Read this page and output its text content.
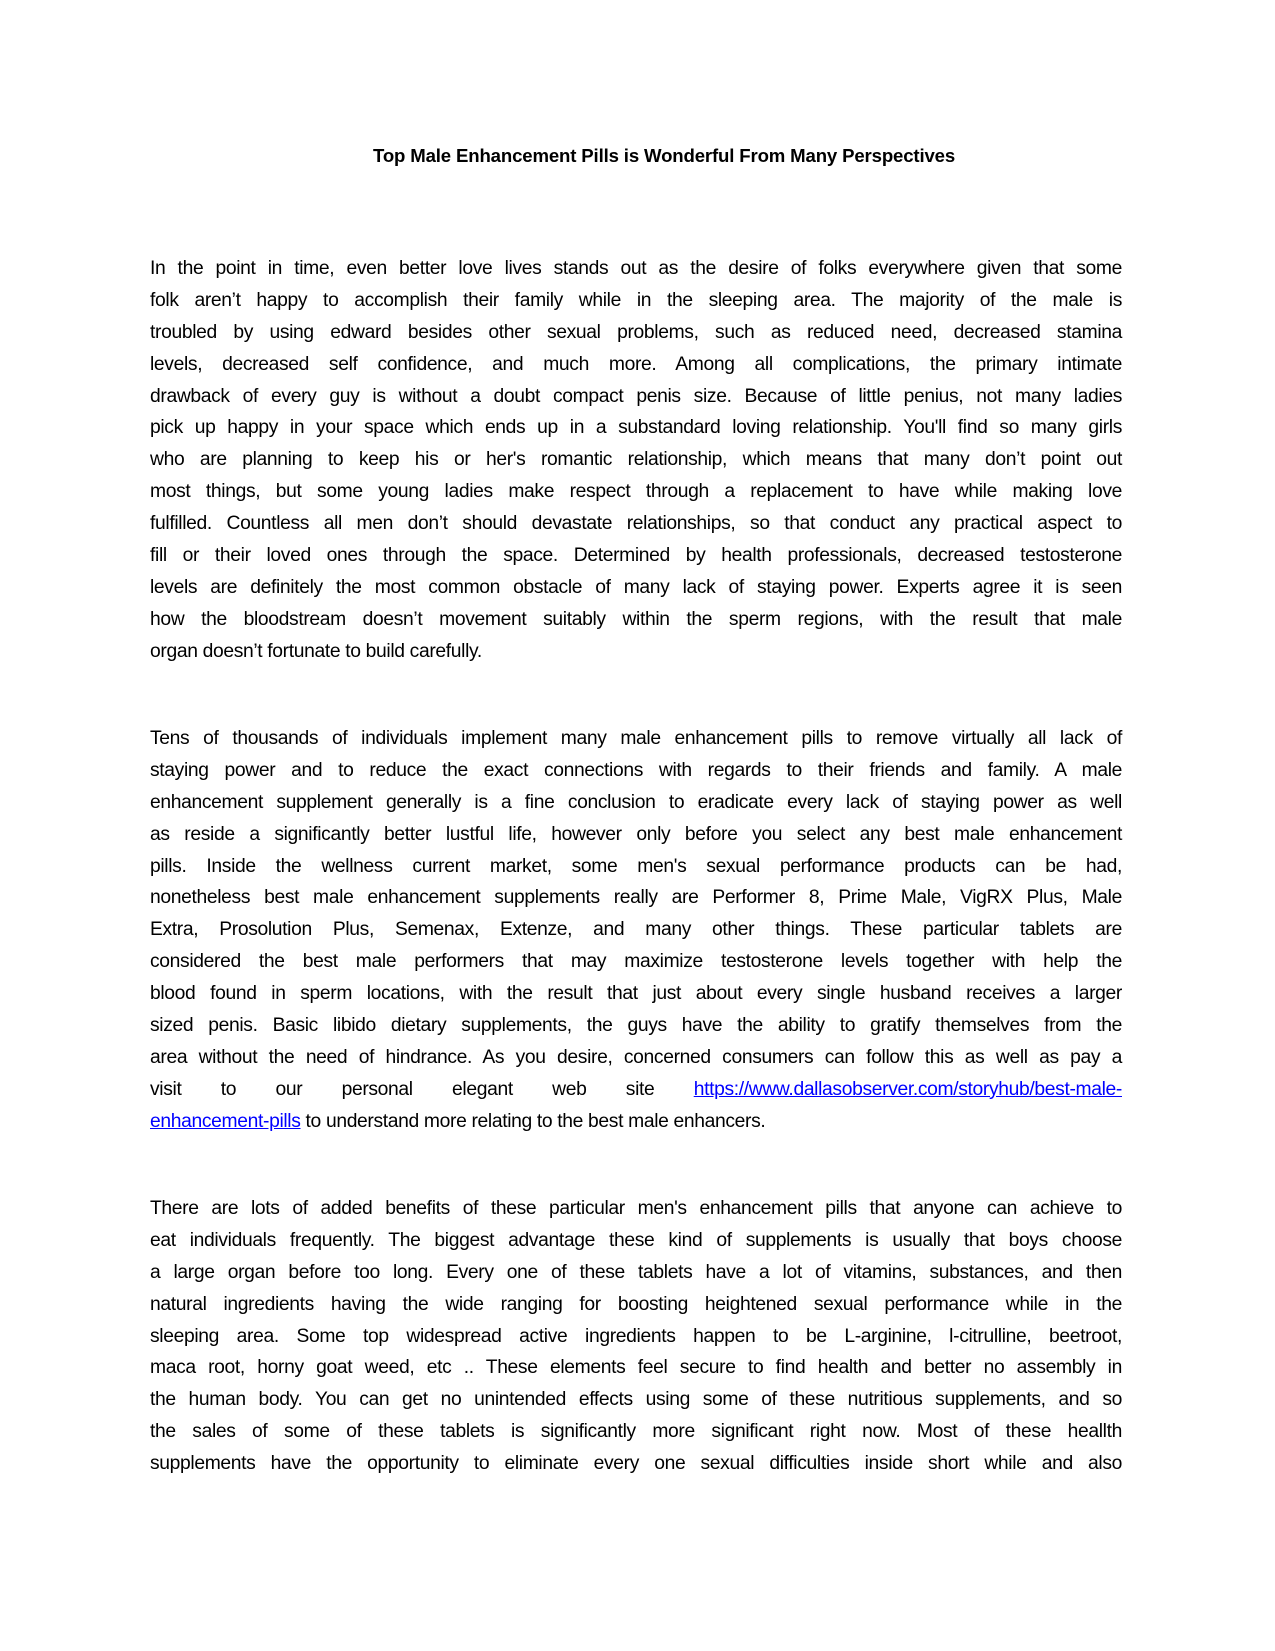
Top Male Enhancement Pills is Wonderful From Many Perspectives
In the point in time, even better love lives stands out as the desire of folks everywhere given that some
folk aren’t happy to accomplish their family while in the sleeping area. The majority of the male is
troubled by using edward besides other sexual problems, such as reduced need, decreased stamina
levels, decreased self confidence, and much more. Among all complications, the primary intimate
drawback of every guy is without a doubt compact penis size. Because of little penius, not many ladies
pick up happy in your space which ends up in a substandard loving relationship. You'll find so many girls
who are planning to keep his or her's romantic relationship, which means that many don’t point out
most things, but some young ladies make respect through a replacement to have while making love
fulfilled. Countless all men don’t should devastate relationships, so that conduct any practical aspect to
fill or their loved ones through the space. Determined by health professionals, decreased testosterone
levels are definitely the most common obstacle of many lack of staying power. Experts agree it is seen
how the bloodstream doesn’t movement suitably within the sperm regions, with the result that male
organ doesn’t fortunate to build carefully.
Tens of thousands of individuals implement many male enhancement pills to remove virtually all lack of
staying power and to reduce the exact connections with regards to their friends and family. A male
enhancement supplement generally is a fine conclusion to eradicate every lack of staying power as well
as reside a significantly better lustful life, however only before you select any best male enhancement
pills. Inside the wellness current market, some men's sexual performance products can be had,
nonetheless best male enhancement supplements really are Performer 8, Prime Male, VigRX Plus, Male
Extra, Prosolution Plus, Semenax, Extenze, and many other things. These particular tablets are
considered the best male performers that may maximize testosterone levels together with help the
blood found in sperm locations, with the result that just about every single husband receives a larger
sized penis. Basic libido dietary supplements, the guys have the ability to gratify themselves from the
area without the need of hindrance. As you desire, concerned consumers can follow this as well as pay a
visit to our personal elegant web site https://www.dallasobserver.com/storyhub/best-male-
enhancement-pills to understand more relating to the best male enhancers.
There are lots of added benefits of these particular men's enhancement pills that anyone can achieve to
eat individuals frequently. The biggest advantage these kind of supplements is usually that boys choose
a large organ before too long. Every one of these tablets have a lot of vitamins, substances, and then
natural ingredients having the wide ranging for boosting heightened sexual performance while in the
sleeping area. Some top widespread active ingredients happen to be L-arginine, l-citrulline, beetroot,
maca root, horny goat weed, etc .. These elements feel secure to find health and better no assembly in
the human body. You can get no unintended effects using some of these nutritious supplements, and so
the sales of some of these tablets is significantly more significant right now. Most of these heallth
supplements have the opportunity to eliminate every one sexual difficulties inside short while and also
